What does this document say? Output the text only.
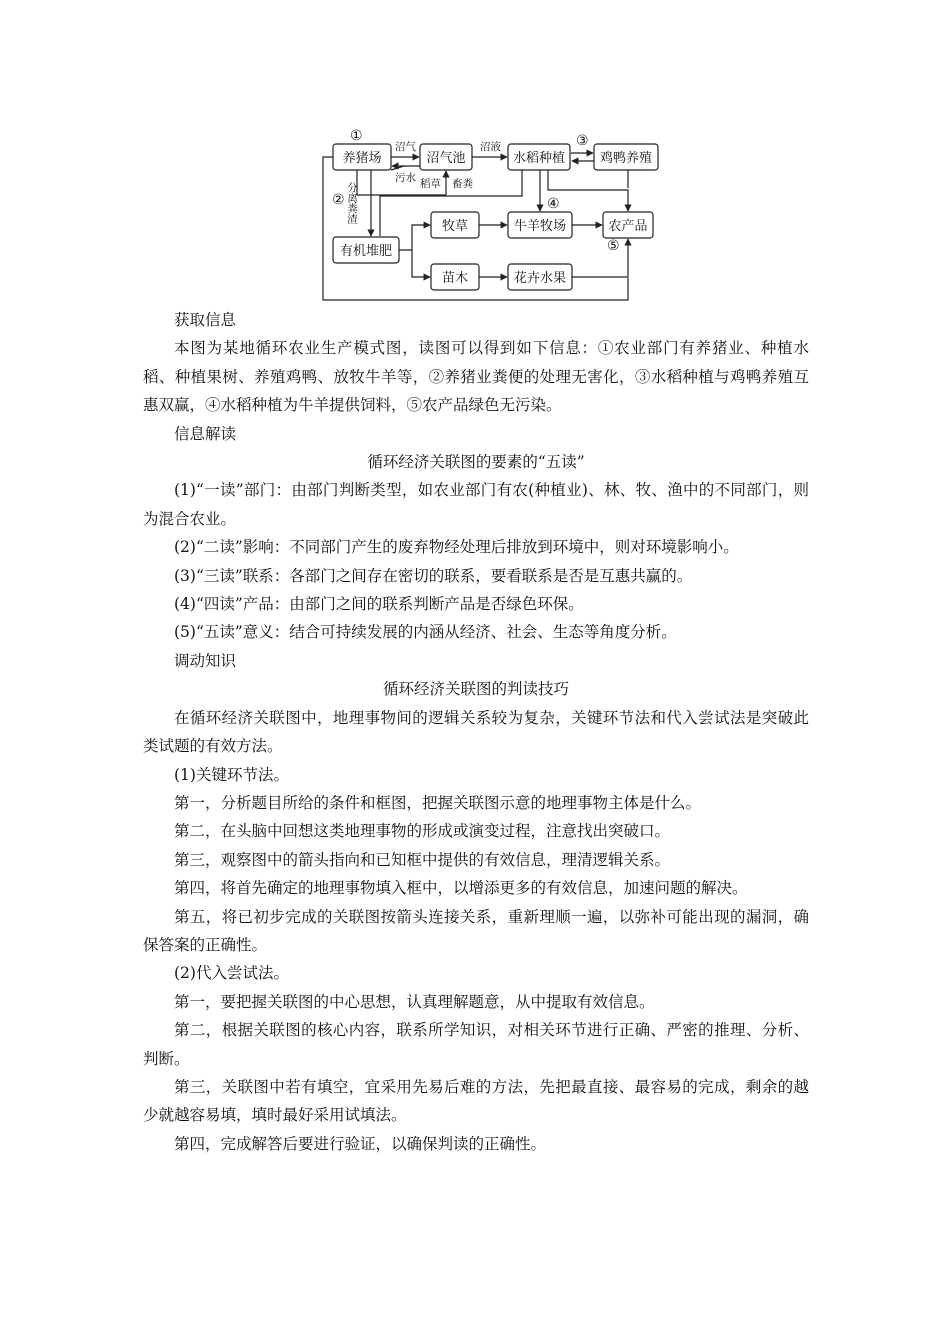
养猪场	沼气池	水稻种植	鸡鸭养殖
有机堆肥
牧草	牛羊牧场	农产品
苗木	花卉水果
沼气
污水
沼液
稻草 畜粪
分离粪渣
①
②
③
④
⑤

获取信息

本图为某地循环农业生产模式图，读图可以得到如下信息：①农业部门有养猪业、种植水稻、种植果树、养殖鸡鸭、放牧牛羊等，②养猪业粪便的处理无害化，③水稻种植与鸡鸭养殖互惠双赢，④水稻种植为牛羊提供饲料，⑤农产品绿色无污染。

信息解读

循环经济关联图的要素的“五读”

(1)“一读”部门：由部门判断类型，如农业部门有农(种植业)、林、牧、渔中的不同部门，则为混合农业。

(2)“二读”影响：不同部门产生的废弃物经处理后排放到环境中，则对环境影响小。

(3)“三读”联系：各部门之间存在密切的联系，要看联系是否是互惠共赢的。

(4)“四读”产品：由部门之间的联系判断产品是否绿色环保。

(5)“五读”意义：结合可持续发展的内涵从经济、社会、生态等角度分析。

调动知识

循环经济关联图的判读技巧

在循环经济关联图中，地理事物间的逻辑关系较为复杂，关键环节法和代入尝试法是突破此类试题的有效方法。

(1)关键环节法。

第一，分析题目所给的条件和框图，把握关联图示意的地理事物主体是什么。

第二，在头脑中回想这类地理事物的形成或演变过程，注意找出突破口。

第三，观察图中的箭头指向和已知框中提供的有效信息，理清逻辑关系。

第四，将首先确定的地理事物填入框中，以增添更多的有效信息，加速问题的解决。

第五，将已初步完成的关联图按箭头连接关系，重新理顺一遍，以弥补可能出现的漏洞，确保答案的正确性。

(2)代入尝试法。

第一，要把握关联图的中心思想，认真理解题意，从中提取有效信息。

第二，根据关联图的核心内容，联系所学知识，对相关环节进行正确、严密的推理、分析、判断。

第三，关联图中若有填空，宜采用先易后难的方法，先把最直接、最容易的完成，剩余的越少就越容易填，填时最好采用试填法。

第四，完成解答后要进行验证，以确保判读的正确性。
